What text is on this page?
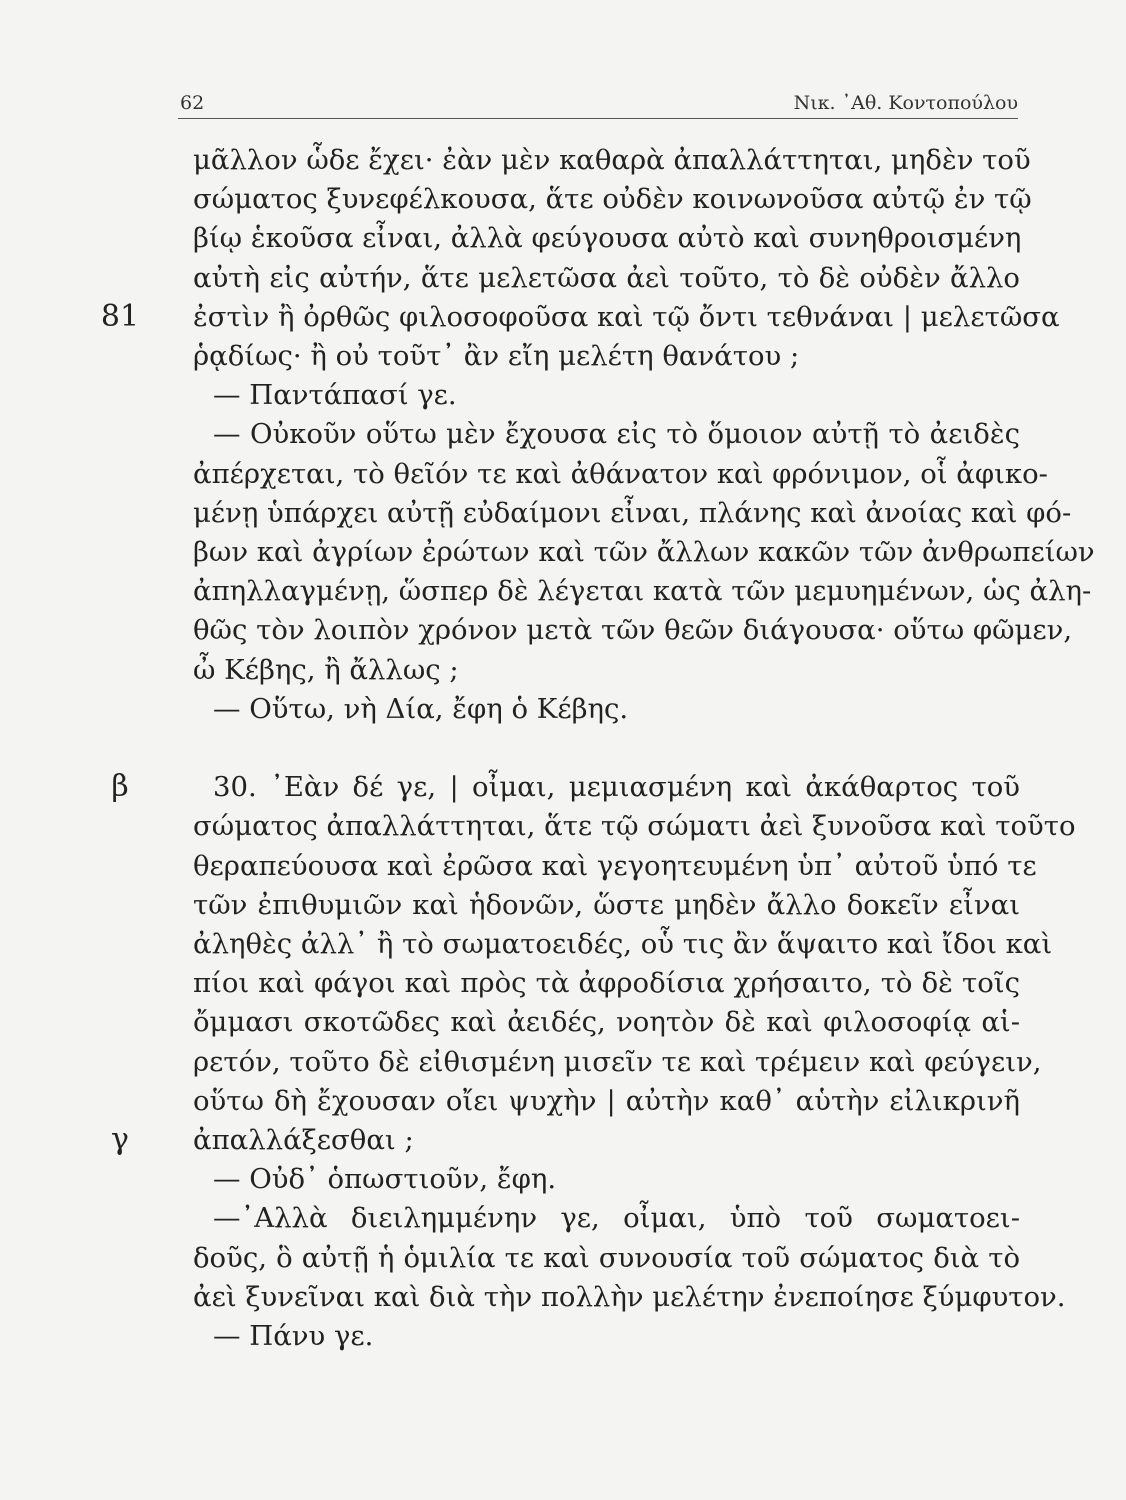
62	Νικ. ᾿Αθ. Κοντοπούλου
81
β
γ
μᾶλλον ὧδε ἔχει· ἐὰν μὲν καθαρὰ ἀπαλλάττηται, μηδὲν τοῦ
σώματος ξυνεφέλκουσα, ἅτε οὐδὲν κοινωνοῦσα αὐτῷ ἐν τῷ
βίῳ ἑκοῦσα εἶναι, ἀλλὰ φεύγουσα αὐτὸ καὶ συνηθροισμένη
αὐτὴ εἰς αὐτήν, ἅτε μελετῶσα ἀεὶ τοῦτο, τὸ δὲ οὐδὲν ἄλλο
ἐστὶν ἢ ὀρθῶς φιλοσοφοῦσα καὶ τῷ ὄντι τεθνάναι | μελετῶσα
ῥᾳδίως· ἢ οὐ τοῦτ᾽ ἂν εἴη μελέτη θανάτου ;
— Παντάπασί γε.
— Οὐκοῦν οὕτω μὲν ἔχουσα εἰς τὸ ὅμοιον αὐτῇ τὸ ἀειδὲς
ἀπέρχεται, τὸ θεῖόν τε καὶ ἀθάνατον καὶ φρόνιμον, οἷ ἀφικο-
μένῃ ὑπάρχει αὐτῇ εὐδαίμονι εἶναι, πλάνης καὶ ἀνοίας καὶ φό-
βων καὶ ἀγρίων ἐρώτων καὶ τῶν ἄλλων κακῶν τῶν ἀνθρωπείων
ἀπηλλαγμένῃ, ὥσπερ δὲ λέγεται κατὰ τῶν μεμυημένων, ὡς ἀλη-
θῶς τὸν λοιπὸν χρόνον μετὰ τῶν θεῶν διάγουσα· οὕτω φῶμεν,
ὦ Κέβης, ἢ ἄλλως ;
— Οὕτω, νὴ Δία, ἔφη ὁ Κέβης.
30. ᾽Εὰν δέ γε, | οἶμαι, μεμιασμένη καὶ ἀκάθαρτος τοῦ
σώματος ἀπαλλάττηται, ἅτε τῷ σώματι ἀεὶ ξυνοῦσα καὶ τοῦτο
θεραπεύουσα καὶ ἐρῶσα καὶ γεγοητευμένη ὑπ᾽ αὐτοῦ ὑπό τε
τῶν ἐπιθυμιῶν καὶ ἡδονῶν, ὥστε μηδὲν ἄλλο δοκεῖν εἶναι
ἀληθὲς ἀλλ᾽ ἢ τὸ σωματοειδές, οὗ τις ἂν ἅψαιτο καὶ ἴδοι καὶ
πίοι καὶ φάγοι καὶ πρὸς τὰ ἀφροδίσια χρήσαιτο, τὸ δὲ τοῖς
ὄμμασι σκοτῶδες καὶ ἀειδές, νοητὸν δὲ καὶ φιλοσοφίᾳ αἱ-
ρετόν, τοῦτο δὲ εἰθισμένη μισεῖν τε καὶ τρέμειν καὶ φεύγειν,
οὕτω δὴ ἔχουσαν οἴει ψυχὴν | αὐτὴν καθ᾽ αὑτὴν εἰλικρινῆ
ἀπαλλάξεσθαι ;
— Οὐδ᾽ ὁπωστιοῦν, ἔφη.
—᾽Αλλὰ διειλημμένην γε, οἶμαι, ὑπὸ τοῦ σωματοει-
δοῦς, ὃ αὐτῇ ἡ ὁμιλία τε καὶ συνουσία τοῦ σώματος διὰ τὸ
ἀεὶ ξυνεῖναι καὶ διὰ τὴν πολλὴν μελέτην ἐνεποίησε ξύμφυτον.
— Πάνυ γε.
